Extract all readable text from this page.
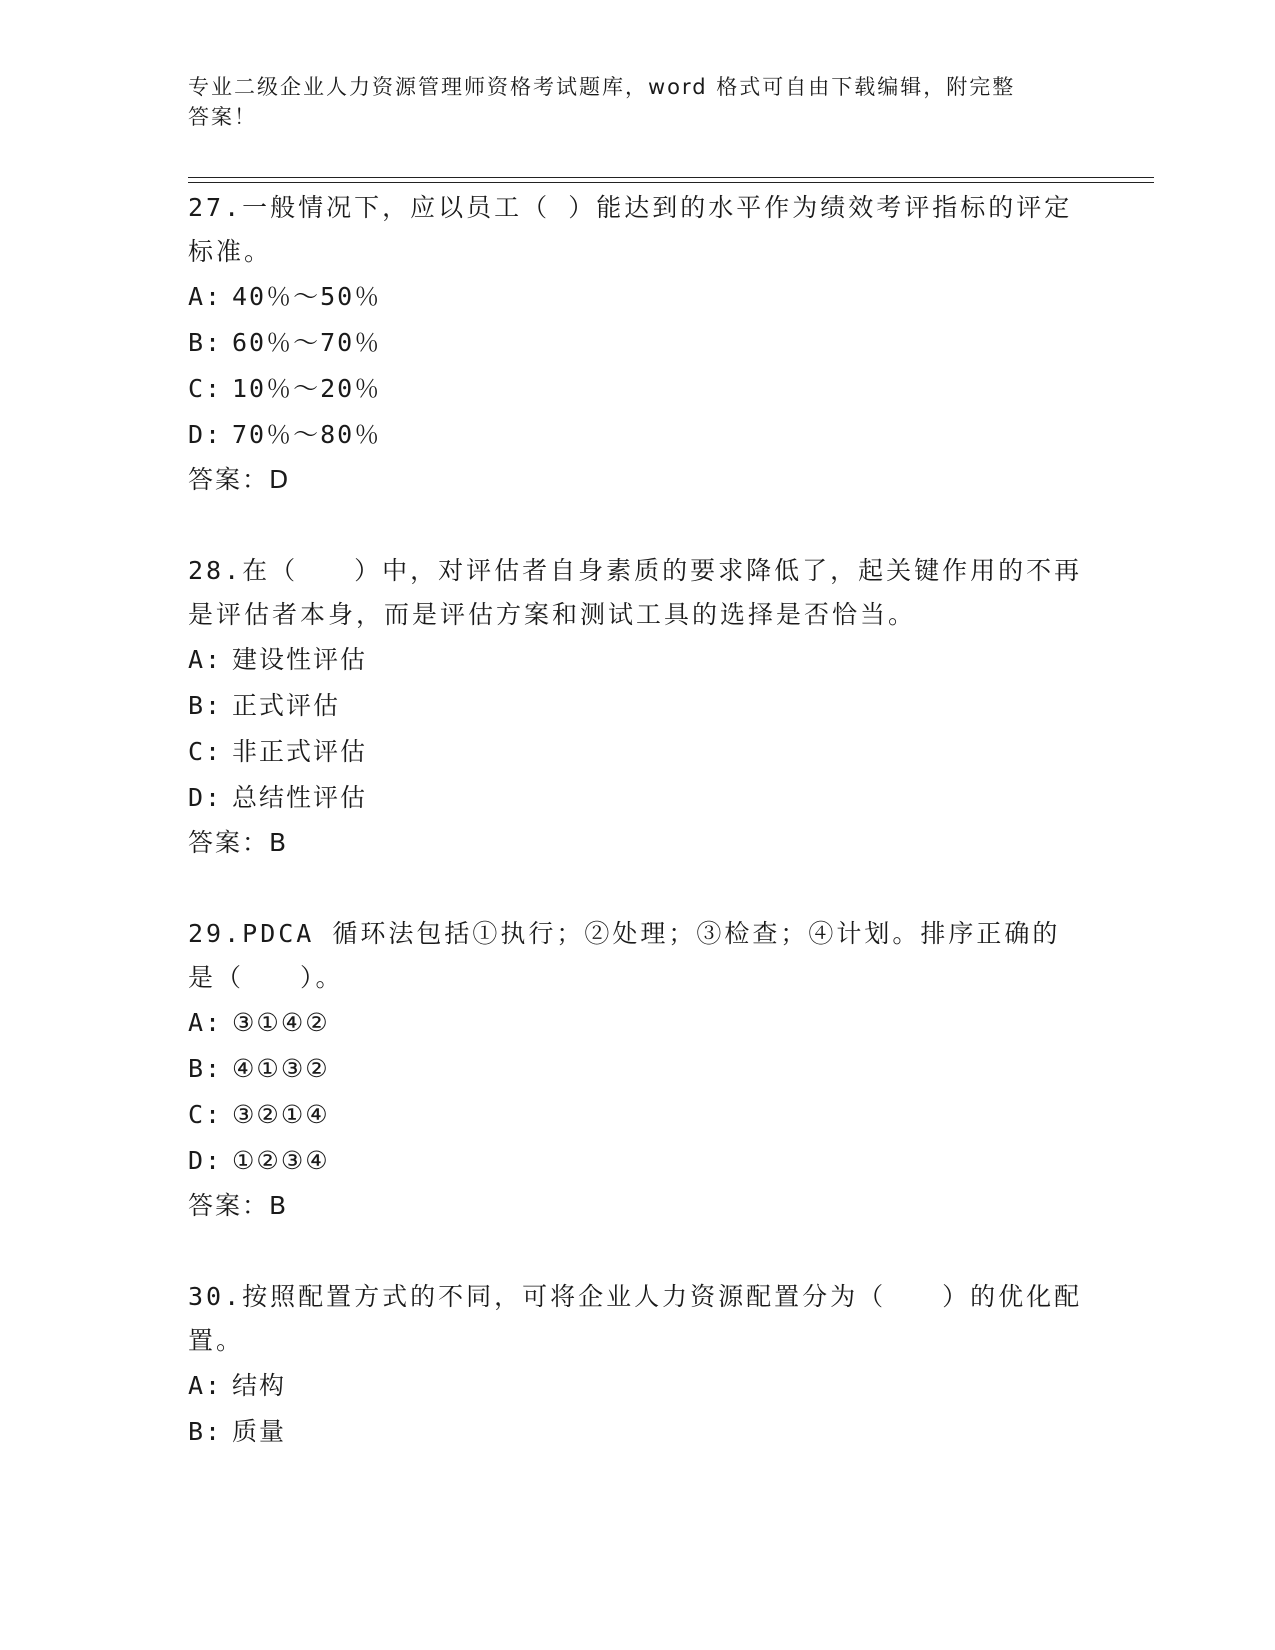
专业二级企业人力资源管理师资格考试题库，word 格式可自由下载编辑，附完整
答案！
27.一般情况下，应以员工（ ）能达到的水平作为绩效考评指标的评定标准。
A: 40％～50％
B: 60％～70％
C: 10％～20％
D: 70％～80％
答案：D
28.在（　　）中，对评估者自身素质的要求降低了，起关键作用的不再是评估者本身，而是评估方案和测试工具的选择是否恰当。
A: 建设性评估
B: 正式评估
C: 非正式评估
D: 总结性评估
答案：B
29.PDCA 循环法包括①执行；②处理；③检查；④计划。排序正确的是（　　）。
A: ③①④②
B: ④①③②
C: ③②①④
D: ①②③④
答案：B
30.按照配置方式的不同，可将企业人力资源配置分为（　　）的优化配置。
A: 结构
B: 质量
